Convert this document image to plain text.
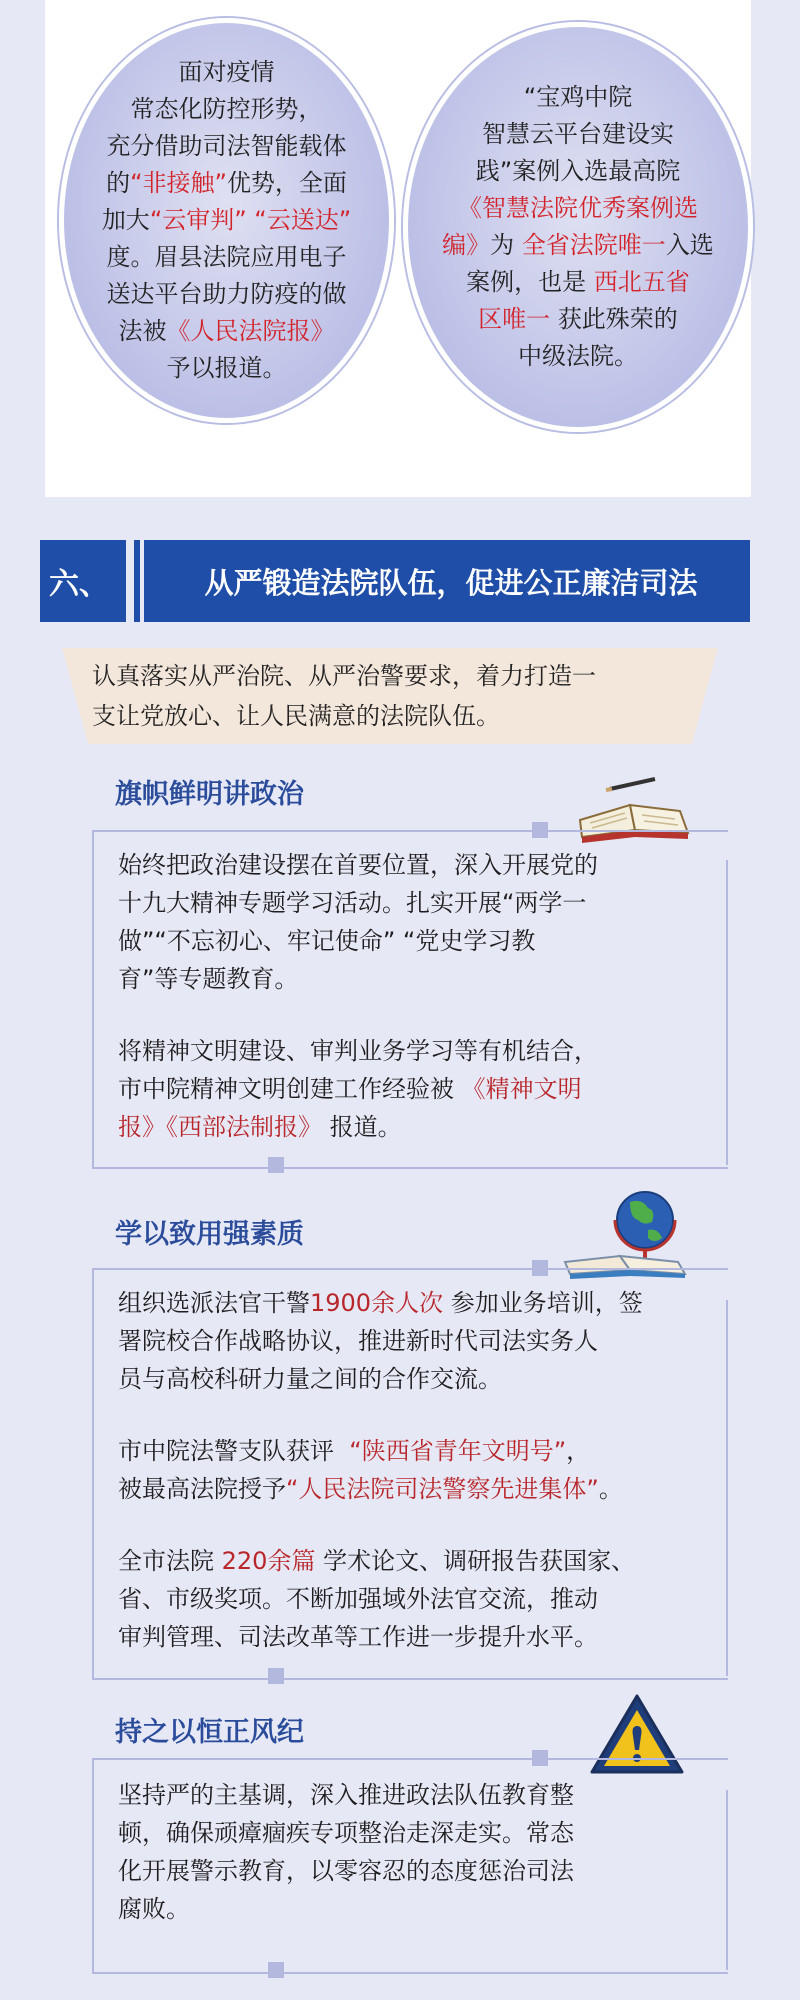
面对疫情
常态化防控形势，
充分借助司法智能载体
的“非接触”优势，全面
加大“云审判” “云送达”
度。眉县法院应用电子
送达平台助力防疫的做
法被《人民法院报》
予以报道。
“宝鸡中院
智慧云平台建设实
践”案例入选最高院
《智慧法院优秀案例选
编》为 全省法院唯一入选
案例，也是 西北五省
区唯一 获此殊荣的
中级法院。
六、	从严锻造法院队伍，促进公正廉洁司法
认真落实从严治院、从严治警要求，着力打造一
支让党放心、让人民满意的法院队伍。
旗帜鲜明讲政治
始终把政治建设摆在首要位置，深入开展党的
十九大精神专题学习活动。扎实开展“两学一
做”“不忘初心、牢记使命” “党史学习教
育”等专题教育。
将精神文明建设、审判业务学习等有机结合，
市中院精神文明创建工作经验被 《精神文明
报》《西部法制报》 报道。
学以致用强素质
组织选派法官干警1900余人次 参加业务培训，签
署院校合作战略协议，推进新时代司法实务人
员与高校科研力量之间的合作交流。
市中院法警支队获评 “陕西省青年文明号”，
被最高法院授予“人民法院司法警察先进集体”。
全市法院 220余篇 学术论文、调研报告获国家、
省、市级奖项。不断加强域外法官交流，推动
审判管理、司法改革等工作进一步提升水平。
持之以恒正风纪
坚持严的主基调，深入推进政法队伍教育整
顿，确保顽瘴痼疾专项整治走深走实。常态
化开展警示教育，以零容忍的态度惩治司法
腐败。
